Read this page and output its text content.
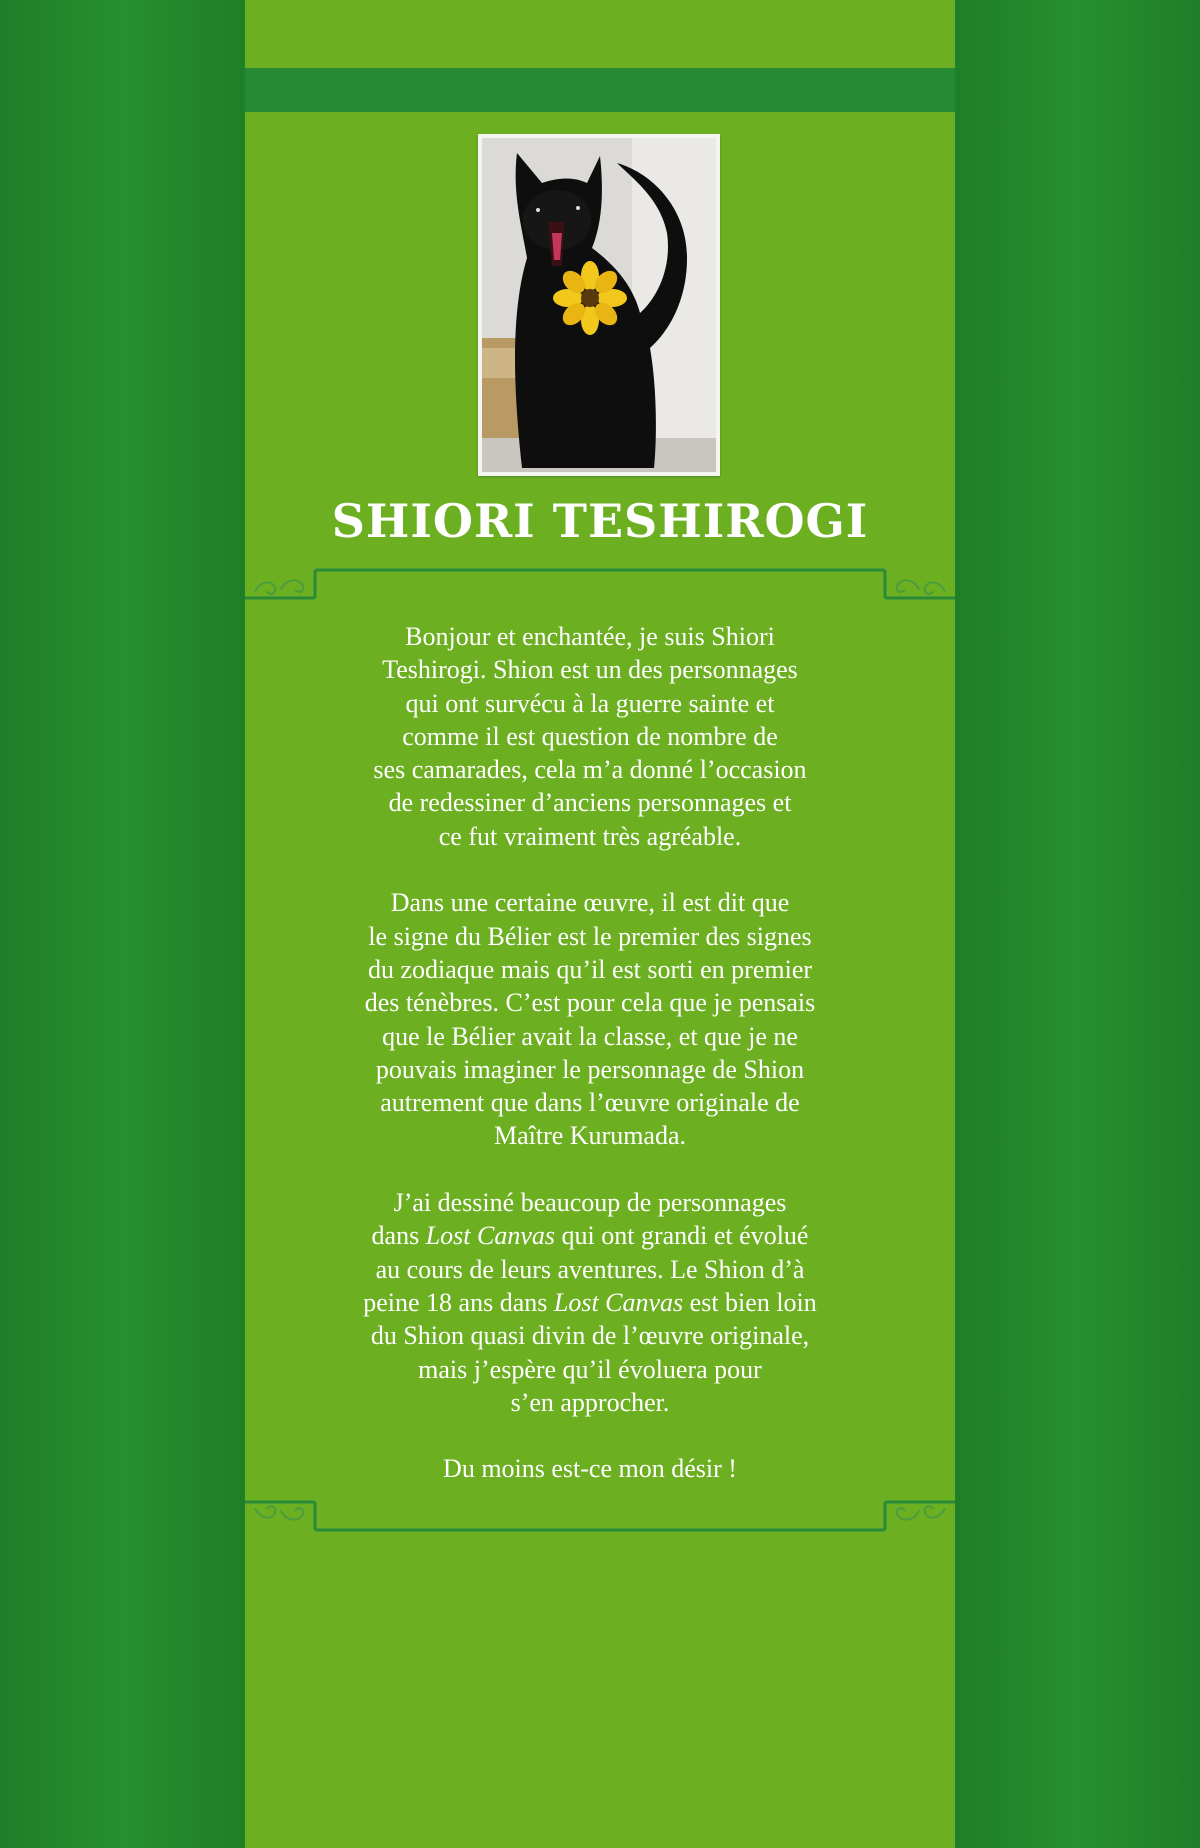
SHIORI TESHIROGI

Bonjour et enchantée, je suis Shiori
Teshirogi. Shion est un des personnages
qui ont survécu à la guerre sainte et
comme il est question de nombre de
ses camarades, cela m’a donné l’occasion
de redessiner d’anciens personnages et
ce fut vraiment très agréable.

Dans une certaine œuvre, il est dit que
le signe du Bélier est le premier des signes
du zodiaque mais qu’il est sorti en premier
des ténèbres. C’est pour cela que je pensais
que le Bélier avait la classe, et que je ne
pouvais imaginer le personnage de Shion
autrement que dans l’œuvre originale de
Maître Kurumada.

J’ai dessiné beaucoup de personnages
dans Lost Canvas qui ont grandi et évolué
au cours de leurs aventures. Le Shion d’à
peine 18 ans dans Lost Canvas est bien loin
du Shion quasi divin de l’œuvre originale,
mais j’espère qu’il évoluera pour
s’en approcher.

Du moins est-ce mon désir !
